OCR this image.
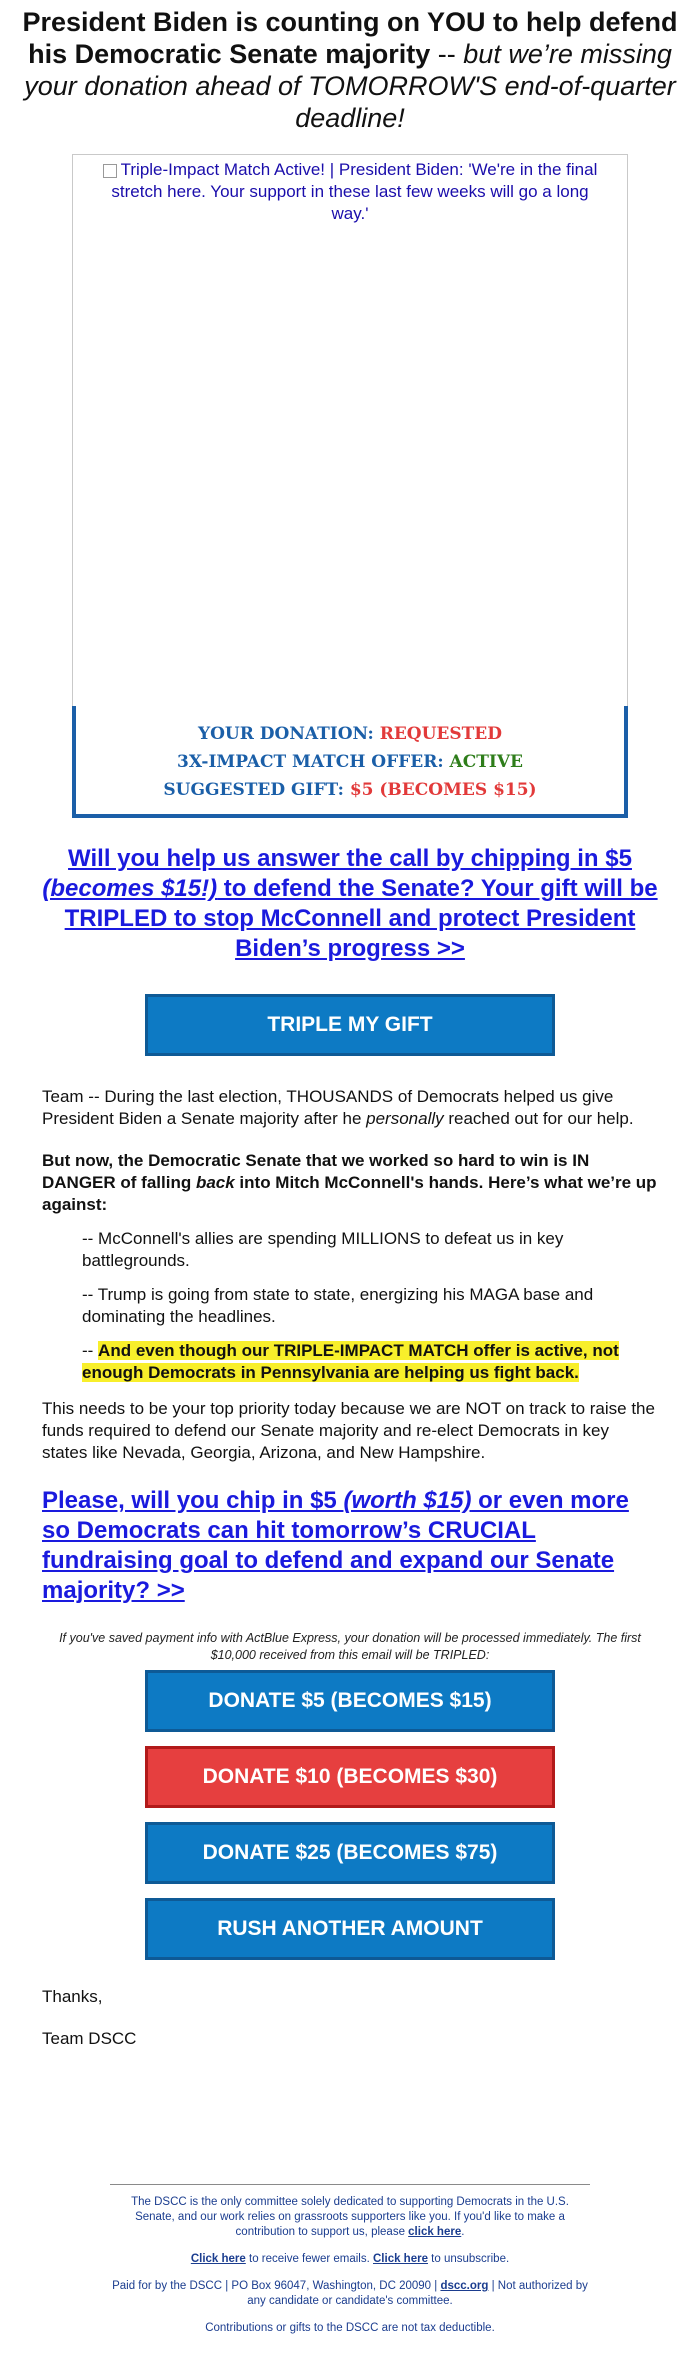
President Biden is counting on YOU to help defend his Democratic Senate majority -- but we’re missing your donation ahead of TOMORROW'S end-of-quarter deadline!
Triple-Impact Match Active! | President Biden: 'We're in the final stretch here. Your support in these last few weeks will go a long way.'
YOUR DONATION: REQUESTED
3X-IMPACT MATCH OFFER: ACTIVE
SUGGESTED GIFT: $5 (BECOMES $15)
Will you help us answer the call by chipping in $5 (becomes $15!) to defend the Senate? Your gift will be TRIPLED to stop McConnell and protect President Biden’s progress >>
TRIPLE MY GIFT

Team -- During the last election, THOUSANDS of Democrats helped us give President Biden a Senate majority after he personally reached out for our help.

But now, the Democratic Senate that we worked so hard to win is IN DANGER of falling back into Mitch McConnell's hands. Here’s what we’re up against:

-- McConnell's allies are spending MILLIONS to defeat us in key battlegrounds.

-- Trump is going from state to state, energizing his MAGA base and dominating the headlines.

-- And even though our TRIPLE-IMPACT MATCH offer is active, not enough Democrats in Pennsylvania are helping us fight back.

This needs to be your top priority today because we are NOT on track to raise the funds required to defend our Senate majority and re-elect Democrats in key states like Nevada, Georgia, Arizona, and New Hampshire.

Please, will you chip in $5 (worth $15) or even more so Democrats can hit tomorrow’s CRUCIAL fundraising goal to defend and expand our Senate majority? >>
If you've saved payment info with ActBlue Express, your donation will be processed immediately. The first $10,000 received from this email will be TRIPLED:
DONATE $5 (BECOMES $15)
DONATE $10 (BECOMES $30)
DONATE $25 (BECOMES $75)
RUSH ANOTHER AMOUNT

Thanks,

Team DSCC

The DSCC is the only committee solely dedicated to supporting Democrats in the U.S. Senate, and our work relies on grassroots supporters like you. If you'd like to make a contribution to support us, please click here.

Click here to receive fewer emails. Click here to unsubscribe.

Paid for by the DSCC | PO Box 96047, Washington, DC 20090 | dscc.org | Not authorized by any candidate or candidate's committee.

Contributions or gifts to the DSCC are not tax deductible.
